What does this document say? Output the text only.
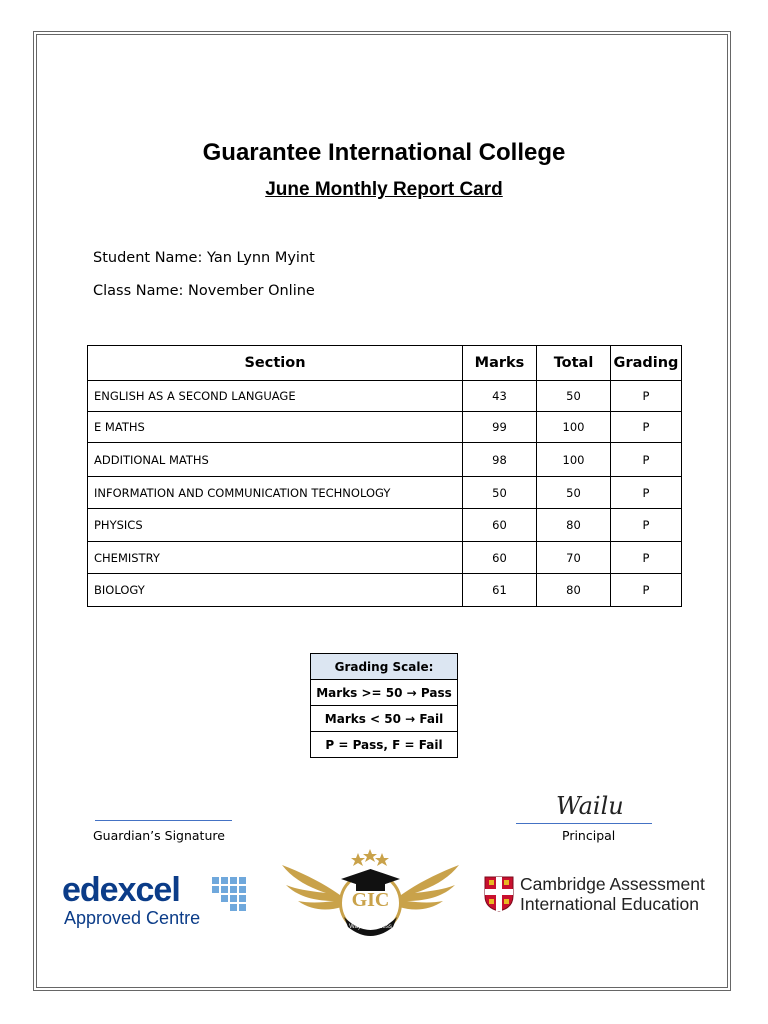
Guarantee International College
June Monthly Report Card
Student Name: Yan Lynn Myint
Class Name: November Online
Section	Marks	Total	Grading
ENGLISH AS A SECOND LANGUAGE	43	50	P
E MATHS	99	100	P
ADDITIONAL MATHS	98	100	P
INFORMATION AND COMMUNICATION TECHNOLOGY	50	50	P
PHYSICS	60	80	P
CHEMISTRY	60	70	P
BIOLOGY	61	80	P
Grading Scale:
Marks >= 50 → Pass
Marks < 50 → Fail
P = Pass, F = Fail
Guardian’s Signature
Wailu
Principal
edexcel
Approved Centre
GIC
Way to Success
Cambridge Assessment
International Education
